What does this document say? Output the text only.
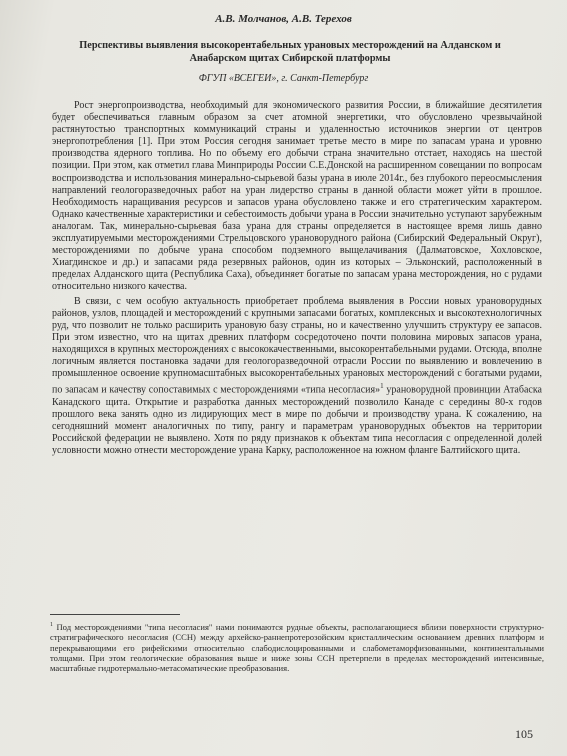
А.В. Молчанов, А.В. Терехов
Перспективы выявления высокорентабельных урановых месторождений на Алданском и Анабарском щитах Сибирской платформы
ФГУП «ВСЕГЕИ», г. Санкт-Петербург

Рост энергопроизводства, необходимый для экономического развития России, в ближайшие десятилетия будет обеспечиваться главным образом за счет атомной энергетики, что обусловлено чрезвычайной растянутостью транспортных коммуникаций страны и удаленностью источников энергии от центров энергопотребления [1]. При этом Россия сегодня занимает третье место в мире по запасам урана и уровню производства ядерного топлива. Но по объему его добычи страна значительно отстает, находясь на шестой позиции. При этом, как отметил глава Минприроды России С.Е.Донской на расширенном совещании по вопросам воспроизводства и использования минерально-сырьевой базы урана в июле 2014г., без глубокого переосмысления направлений геологоразведочных работ на уран лидерство страны в данной области может уйти в прошлое. Необходимость наращивания ресурсов и запасов урана обусловлено также и его стратегическим характером. Однако качественные характеристики и себестоимость добычи урана в России значительно уступают зарубежным аналогам. Так, минерально-сырьевая база урана для страны определяется в настоящее время лишь давно эксплуатируемыми месторождениями Стрельцовского урановорудного района (Сибирский Федеральный Округ), месторождениями по добыче урана способом подземного выщелачивания (Далматовское, Хохловское, Хиагдинское и др.) и запасами ряда резервных районов, один из которых – Эльконский, расположенный в пределах Алданского щита (Республика Саха), объединяет богатые по запасам урана месторождения, но с рудами относительно низкого качества.

В связи, с чем особую актуальность приобретает проблема выявления в России новых урановорудных районов, узлов, площадей и месторождений с крупными запасами богатых, комплексных и высокотехнологичных руд, что позволит не только расширить урановую базу страны, но и качественно улучшить структуру ее запасов. При этом известно, что на щитах древних платформ сосредоточено почти половина мировых запасов урана, находящихся в крупных месторождениях с высококачественными, высокорентабельными рудами. Отсюда, вполне логичным является постановка задачи для геологоразведочной отрасли России по выявлению и вовлечению в промышленное освоение крупномасштабных высокорентабельных урановых месторождений с богатыми рудами, по запасам и качеству сопоставимых с месторождениями «типа несогласия»$^1$ урановорудной провинции Атабаска Канадского щита. Открытие и разработка данных месторождений позволило Канаде с середины 80-х годов прошлого века занять одно из лидирующих мест в мире по добычи и производству урана. К сожалению, на сегодняшний момент аналогичных по типу, рангу и параметрам урановорудных объектов на территории Российской федерации не выявлено. Хотя по ряду признаков к объектам типа несогласия с определенной долей условности можно отнести месторождение урана Карку, расположенное на южном фланге Балтийского щита.

$^1$ Под месторождениями "типа несогласия" нами понимаются рудные объекты, располагающиеся вблизи поверхности структурно-стратиграфического несогласия (ССН) между архейско-раннепротерозойским кристаллическим основанием древних платформ и перекрывающими его рифейскими относительно слабодислоцированными и слабометаморфизованными, континентальными толщами. При этом геологические образования выше и ниже зоны ССН претерпели в пределах месторождений интенсивные, масштабные гидротермально-метасоматические преобразования.
105
